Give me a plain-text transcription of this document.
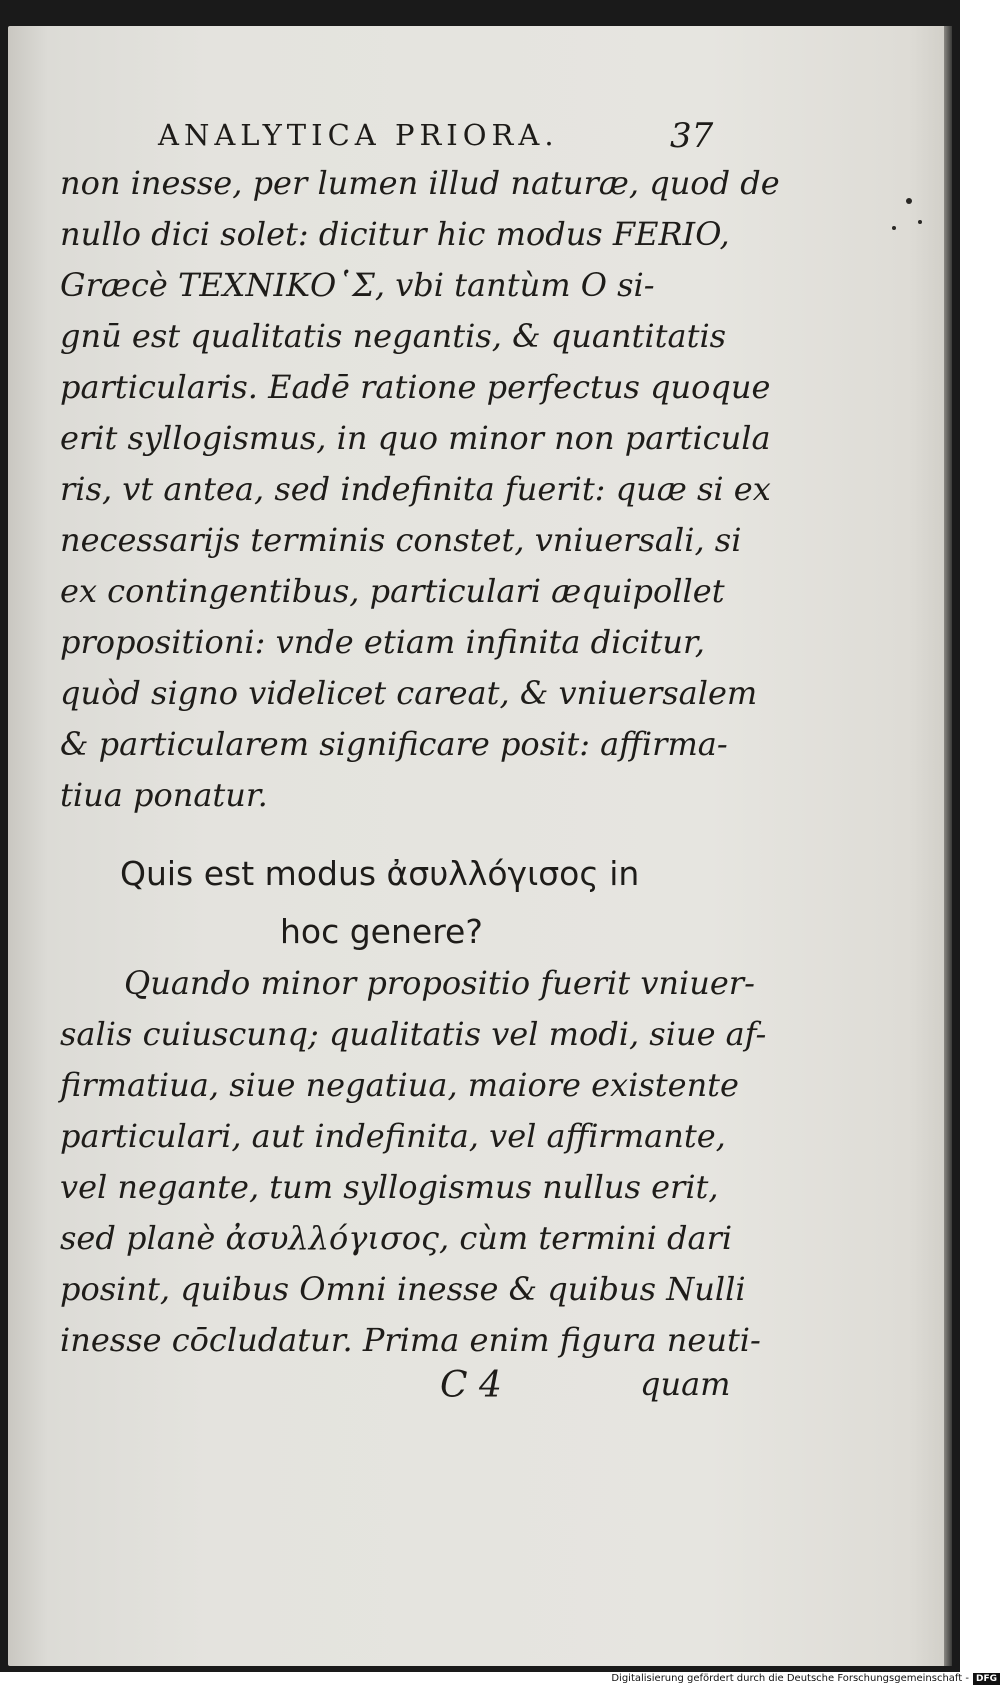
ANALYTICA PRIORA.	37
non inesse, per lumen illud naturæ, quod de
nullo dici solet: dicitur hic modus FERIO,
Græcè ΤΕΧΝΙΚΟ῾Σ, vbi tantùm O si-
gnū est qualitatis negantis, & quantitatis
particularis. Eadē ratione perfectus quoque
erit syllogismus, in quo minor non particula
ris, vt antea, sed indefinita fuerit: quæ si ex
necessarijs terminis constet, vniuersali, si
ex contingentibus, particulari æquipollet
propositioni: vnde etiam infinita dicitur,
quòd signo videlicet careat, & vniuersalem
& particularem significare posit: affirma-
tiua ponatur.
Quis est modus ἀσυλλόγισος in
hoc genere?
Quando minor propositio fuerit vniuer-
salis cuiuscunq; qualitatis vel modi, siue af-
firmatiua, siue negatiua, maiore existente
particulari, aut indefinita, vel affirmante,
vel negante, tum syllogismus nullus erit,
sed planè ἀσυλλόγισος, cùm termini dari
posint, quibus Omni inesse & quibus Nulli
inesse cōcludatur. Prima enim figura neuti-
C 4	quam
Digitalisierung gefördert durch die Deutsche Forschungsgemeinschaft - DFG
